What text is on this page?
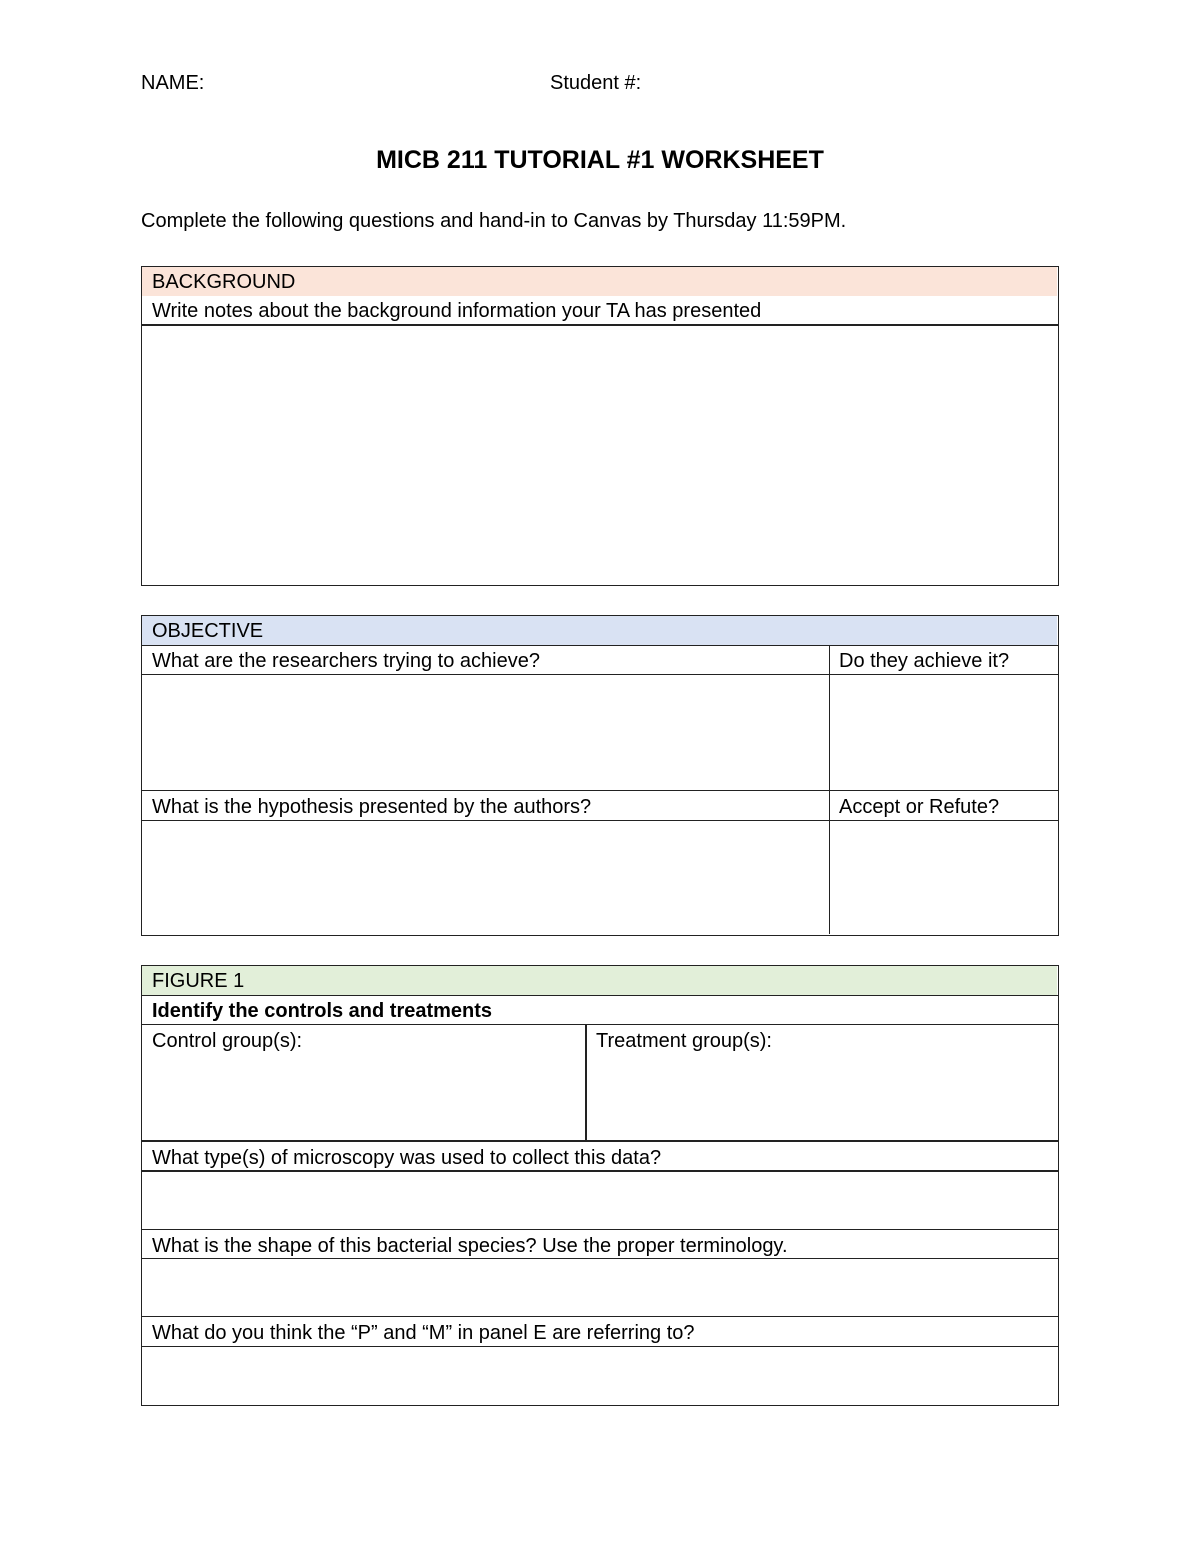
NAME:	Student #:
MICB 211 TUTORIAL #1 WORKSHEET
Complete the following questions and hand-in to Canvas by Thursday 11:59PM.
BACKGROUND
Write notes about the background information your TA has presented
OBJECTIVE
What are the researchers trying to achieve?	Do they achieve it?
What is the hypothesis presented by the authors?	Accept or Refute?
FIGURE 1
Identify the controls and treatments
Control group(s):	Treatment group(s):
What type(s) of microscopy was used to collect this data?
What is the shape of this bacterial species? Use the proper terminology.
What do you think the “P” and “M” in panel E are referring to?
